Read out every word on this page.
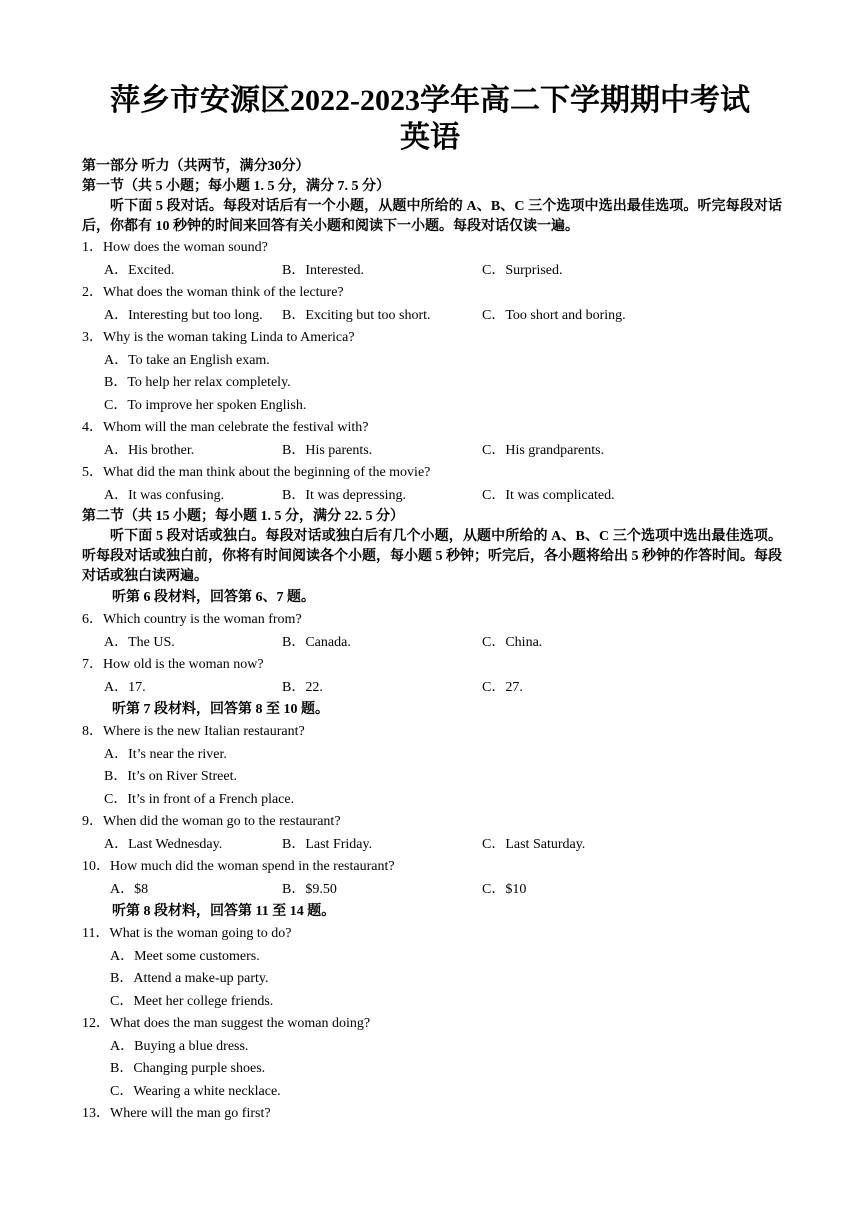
萍乡市安源区2022-2023学年高二下学期期中考试
英语
第一部分 听力（共两节，满分30分）
第一节（共 5 小题；每小题 1. 5 分，满分 7. 5 分）
听下面 5 段对话。每段对话后有一个小题，从题中所给的 A、B、C 三个选项中选出最佳选项。听完每段对话后，你都有 10 秒钟的时间来回答有关小题和阅读下一小题。每段对话仅读一遍。
1．How does the woman sound?
A．Excited.	B．Interested.	C．Surprised.
2．What does the woman think of the lecture?
A．Interesting but too long.	B．Exciting but too short.	C．Too short and boring.
3．Why is the woman taking Linda to America?
A．To take an English exam.
B．To help her relax completely.
C．To improve her spoken English.
4．Whom will the man celebrate the festival with?
A．His brother.	B．His parents.	C．His grandparents.
5．What did the man think about the beginning of the movie?
A．It was confusing.	B．It was depressing.	C．It was complicated.
第二节（共 15 小题；每小题 1. 5 分，满分 22. 5 分）
听下面 5 段对话或独白。每段对话或独白后有几个小题，从题中所给的 A、B、C 三个选项中选出最佳选项。听每段对话或独白前，你将有时间阅读各个小题，每小题 5 秒钟；听完后，各小题将给出 5 秒钟的作答时间。每段对话或独白读两遍。
听第 6 段材料，回答第 6、7 题。
6．Which country is the woman from?
A．The US.	B．Canada.	C．China.
7．How old is the woman now?
A．17.	B．22.	C．27.
听第 7 段材料，回答第 8 至 10 题。
8．Where is the new Italian restaurant?
A．It’s near the river.
B．It’s on River Street.
C．It’s in front of a French place.
9．When did the woman go to the restaurant?
A．Last Wednesday.	B．Last Friday.	C．Last Saturday.
10．How much did the woman spend in the restaurant?
A．$8	B．$9.50	C．$10
听第 8 段材料，回答第 11 至 14 题。
11．What is the woman going to do?
A．Meet some customers.
B．Attend a make-up party.
C．Meet her college friends.
12．What does the man suggest the woman doing?
A．Buying a blue dress.
B．Changing purple shoes.
C．Wearing a white necklace.
13．Where will the man go first?
